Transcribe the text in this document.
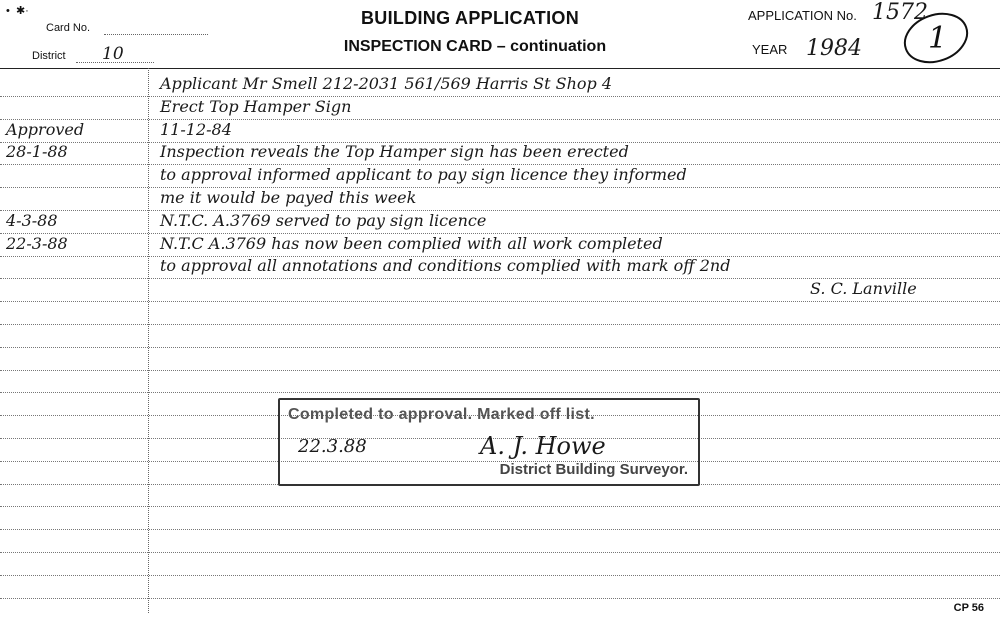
•  ✱·
Card No.
District 10
BUILDING APPLICATION
INSPECTION CARD – continuation
APPLICATION No. 1572
YEAR 1984 1
Applicant Mr Smell 212-2031 561/569 Harris St Shop 4
Erect Top Hamper Sign
Approved	11-12-84
28-1-88	Inspection reveals the Top Hamper sign has been erected
to approval informed applicant to pay sign licence they informed
me it would be payed this week
4-3-88	N.T.C. A.3769 served to pay sign licence
22-3-88	N.T.C A.3769 has now been complied with all work completed
to approval all annotations and conditions complied with mark off 2nd
S. C. Lanville
Completed to approval. Marked off list.
22.3.88	A. J. Howe
District Building Surveyor.
CP 56
